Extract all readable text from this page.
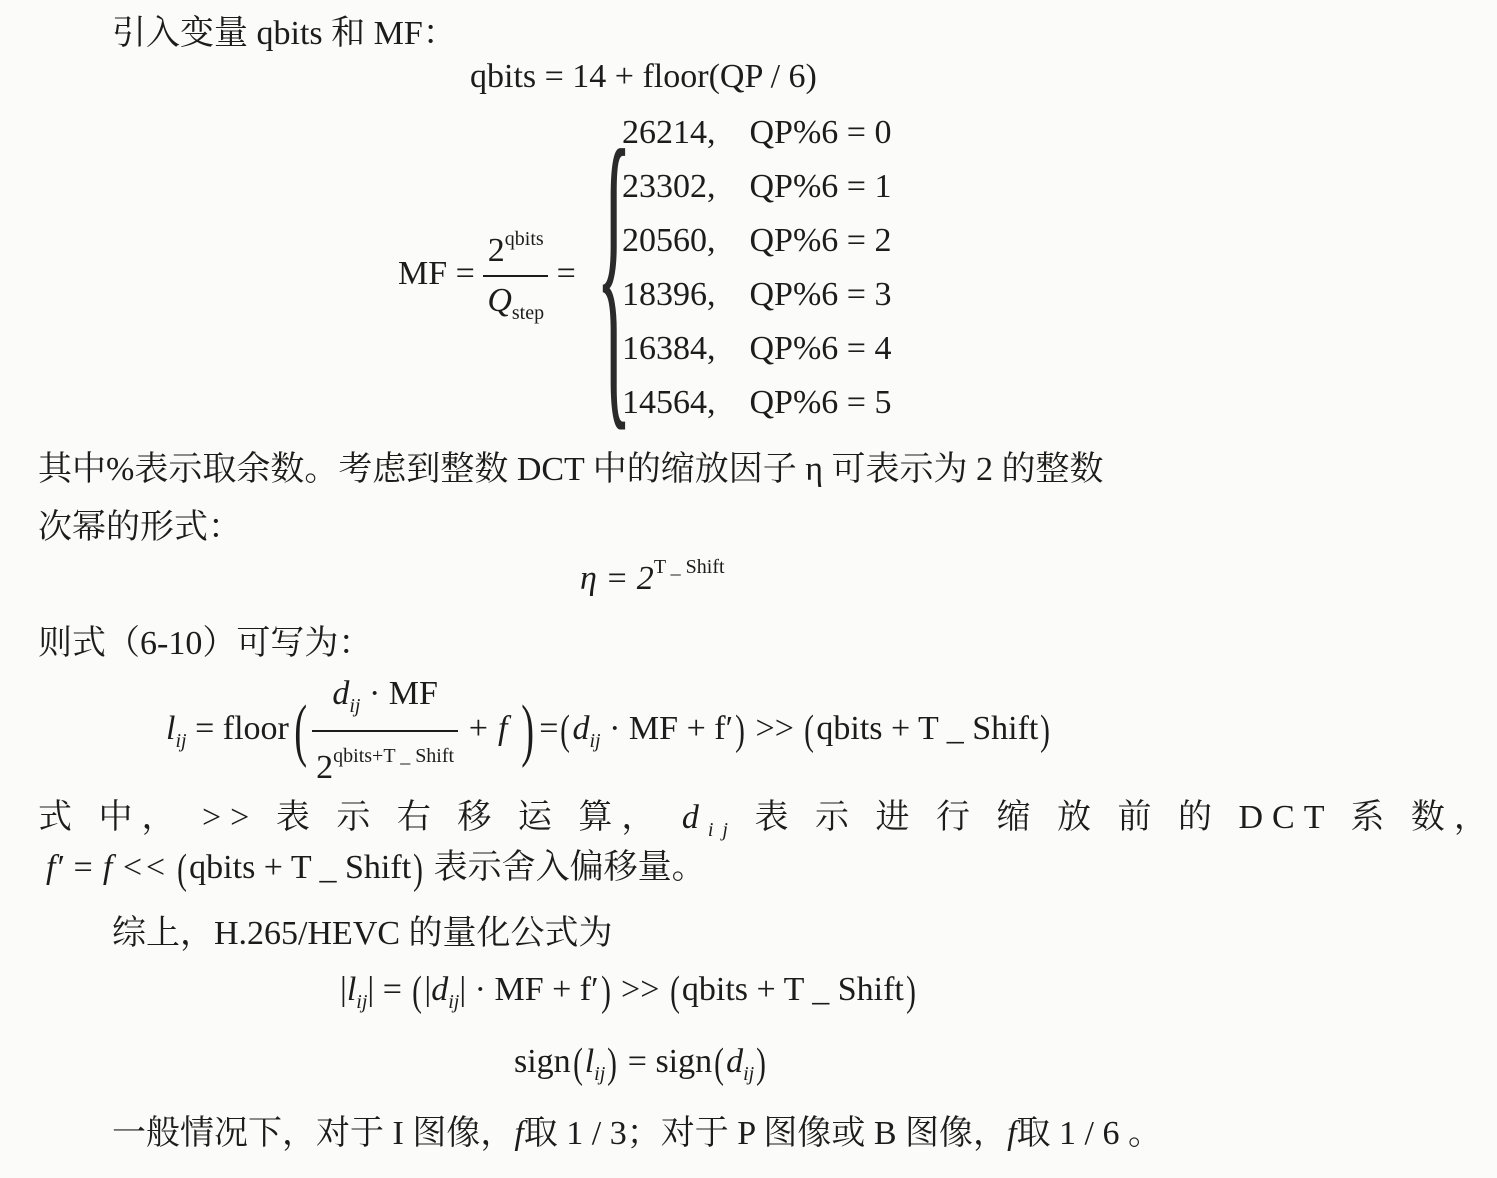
引入变量 qbits 和 MF：
qbits = 14 + floor(QP / 6)
MF = $\frac{2^{qbits}}{Q_{step}}$ = {
26214,	QP%6 = 0
23302,	QP%6 = 1
20560,	QP%6 = 2
18396,	QP%6 = 3
16384,	QP%6 = 4
14564,	QP%6 = 5
其中%表示取余数。考虑到整数 DCT 中的缩放因子 η 可表示为 2 的整数
次幂的形式：
$\eta = 2^{T \_ Shift}$
则式（6-10）可写为：
$l_{ij}$ = floor( $\frac{d_{ij} \cdot MF}{2^{qbits+T \_ Shift}} + f$ ) $=(d_{ij}$ · MF + f′) >> (qbits + T _ Shift)
式 中， >> 表 示 右 移 运 算， $d_{ij}$ 表 示 进 行 缩 放 前 的 DCT 系 数，
f′ = f << (qbits + T _ Shift) 表示舍入偏移量。
综上，H.265/HEVC 的量化公式为
$|l_{ij}| = (|d_{ij}|$ · MF + f′) >> (qbits + T _ Shift)
$sign(l_{ij})$ = $sign(d_{ij})$
一般情况下，对于 I 图像，f取 1 / 3；对于 P 图像或 B 图像，f取 1 / 6 。
